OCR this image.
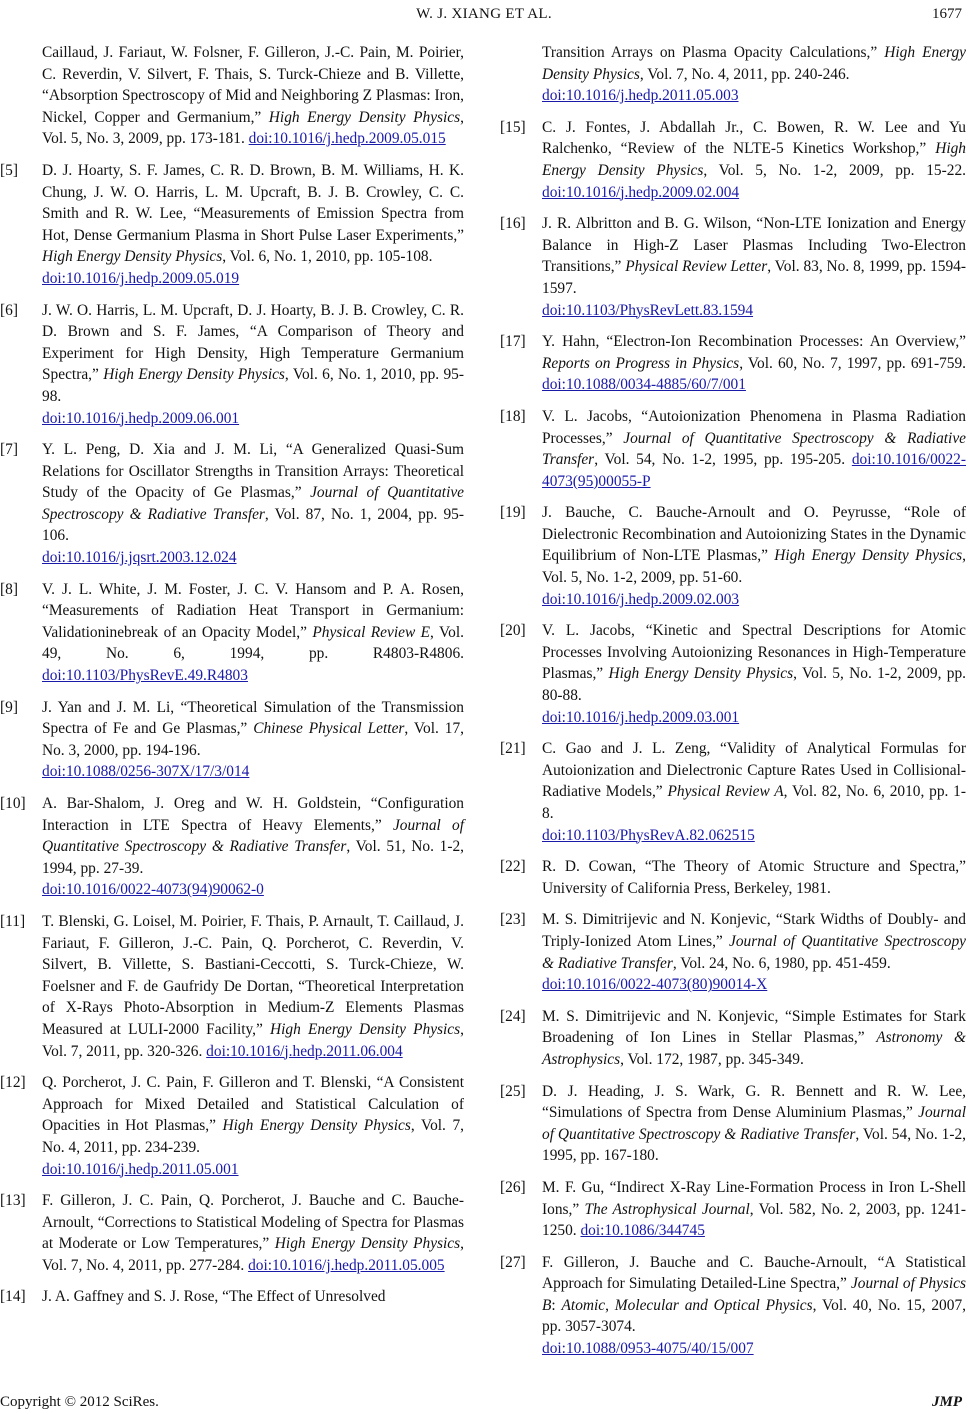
W. J. XIANG ET AL.	1677
Caillaud, J. Fariaut, W. Folsner, F. Gilleron, J.-C. Pain, M. Poirier, C. Reverdin, V. Silvert, F. Thais, S. Turck-Chieze and B. Villette, “Absorption Spectroscopy of Mid and Neighboring Z Plasmas: Iron, Nickel, Copper and Germanium,” High Energy Density Physics, Vol. 5, No. 3, 2009, pp. 173-181. doi:10.1016/j.hedp.2009.05.015
[5] D. J. Hoarty, S. F. James, C. R. D. Brown, B. M. Williams, H. K. Chung, J. W. O. Harris, L. M. Upcraft, B. J. B. Crowley, C. C. Smith and R. W. Lee, “Measurements of Emission Spectra from Hot, Dense Germanium Plasma in Short Pulse Laser Experiments,” High Energy Density Physics, Vol. 6, No. 1, 2010, pp. 105-108.
doi:10.1016/j.hedp.2009.05.019
[6] J. W. O. Harris, L. M. Upcraft, D. J. Hoarty, B. J. B. Crowley, C. R. D. Brown and S. F. James, “A Comparison of Theory and Experiment for High Density, High Temperature Germanium Spectra,” High Energy Density Physics, Vol. 6, No. 1, 2010, pp. 95-98.
doi:10.1016/j.hedp.2009.06.001
[7] Y. L. Peng, D. Xia and J. M. Li, “A Generalized Quasi-Sum Relations for Oscillator Strengths in Transition Arrays: Theoretical Study of the Opacity of Ge Plasmas,” Journal of Quantitative Spectroscopy & Radiative Transfer, Vol. 87, No. 1, 2004, pp. 95-106.
doi:10.1016/j.jqsrt.2003.12.024
[8] V. J. L. White, J. M. Foster, J. C. V. Hansom and P. A. Rosen, “Measurements of Radiation Heat Transport in Germanium: Validationinebreak of an Opacity Model,” Physical Review E, Vol. 49, No. 6, 1994, pp. R4803-R4806. doi:10.1103/PhysRevE.49.R4803
[9] J. Yan and J. M. Li, “Theoretical Simulation of the Transmission Spectra of Fe and Ge Plasmas,” Chinese Physical Letter, Vol. 17, No. 3, 2000, pp. 194-196.
doi:10.1088/0256-307X/17/3/014
[10] A. Bar-Shalom, J. Oreg and W. H. Goldstein, “Configuration Interaction in LTE Spectra of Heavy Elements,” Journal of Quantitative Spectroscopy & Radiative Transfer, Vol. 51, No. 1-2, 1994, pp. 27-39.
doi:10.1016/0022-4073(94)90062-0
[11] T. Blenski, G. Loisel, M. Poirier, F. Thais, P. Arnault, T. Caillaud, J. Fariaut, F. Gilleron, J.-C. Pain, Q. Porcherot, C. Reverdin, V. Silvert, B. Villette, S. Bastiani-Ceccotti, S. Turck-Chieze, W. Foelsner and F. de Gaufridy De Dortan, “Theoretical Interpretation of X-Rays Photo-Absorption in Medium-Z Elements Plasmas Measured at LULI-2000 Facility,” High Energy Density Physics, Vol. 7, 2011, pp. 320-326. doi:10.1016/j.hedp.2011.06.004
[12] Q. Porcherot, J. C. Pain, F. Gilleron and T. Blenski, “A Consistent Approach for Mixed Detailed and Statistical Calculation of Opacities in Hot Plasmas,” High Energy Density Physics, Vol. 7, No. 4, 2011, pp. 234-239.
doi:10.1016/j.hedp.2011.05.001
[13] F. Gilleron, J. C. Pain, Q. Porcherot, J. Bauche and C. Bauche-Arnoult, “Corrections to Statistical Modeling of Spectra for Plasmas at Moderate or Low Temperatures,” High Energy Density Physics, Vol. 7, No. 4, 2011, pp. 277-284. doi:10.1016/j.hedp.2011.05.005
[14] J. A. Gaffney and S. J. Rose, “The Effect of Unresolved
Transition Arrays on Plasma Opacity Calculations,” High Energy Density Physics, Vol. 7, No. 4, 2011, pp. 240-246.
doi:10.1016/j.hedp.2011.05.003
[15] C. J. Fontes, J. Abdallah Jr., C. Bowen, R. W. Lee and Yu Ralchenko, “Review of the NLTE-5 Kinetics Workshop,” High Energy Density Physics, Vol. 5, No. 1-2, 2009, pp. 15-22. doi:10.1016/j.hedp.2009.02.004
[16] J. R. Albritton and B. G. Wilson, “Non-LTE Ionization and Energy Balance in High-Z Laser Plasmas Including Two-Electron Transitions,” Physical Review Letter, Vol. 83, No. 8, 1999, pp. 1594-1597.
doi:10.1103/PhysRevLett.83.1594
[17] Y. Hahn, “Electron-Ion Recombination Processes: An Overview,” Reports on Progress in Physics, Vol. 60, No. 7, 1997, pp. 691-759. doi:10.1088/0034-4885/60/7/001
[18] V. L. Jacobs, “Autoionization Phenomena in Plasma Radiation Processes,” Journal of Quantitative Spectroscopy & Radiative Transfer, Vol. 54, No. 1-2, 1995, pp. 195-205. doi:10.1016/0022-4073(95)00055-P
[19] J. Bauche, C. Bauche-Arnoult and O. Peyrusse, “Role of Dielectronic Recombination and Autoionizing States in the Dynamic Equilibrium of Non-LTE Plasmas,” High Energy Density Physics, Vol. 5, No. 1-2, 2009, pp. 51-60.
doi:10.1016/j.hedp.2009.02.003
[20] V. L. Jacobs, “Kinetic and Spectral Descriptions for Atomic Processes Involving Autoionizing Resonances in High-Temperature Plasmas,” High Energy Density Physics, Vol. 5, No. 1-2, 2009, pp. 80-88.
doi:10.1016/j.hedp.2009.03.001
[21] C. Gao and J. L. Zeng, “Validity of Analytical Formulas for Autoionization and Dielectronic Capture Rates Used in Collisional-Radiative Models,” Physical Review A, Vol. 82, No. 6, 2010, pp. 1-8.
doi:10.1103/PhysRevA.82.062515
[22] R. D. Cowan, “The Theory of Atomic Structure and Spectra,” University of California Press, Berkeley, 1981.
[23] M. S. Dimitrijevic and N. Konjevic, “Stark Widths of Doubly- and Triply-Ionized Atom Lines,” Journal of Quantitative Spectroscopy & Radiative Transfer, Vol. 24, No. 6, 1980, pp. 451-459.
doi:10.1016/0022-4073(80)90014-X
[24] M. S. Dimitrijevic and N. Konjevic, “Simple Estimates for Stark Broadening of Ion Lines in Stellar Plasmas,” Astronomy & Astrophysics, Vol. 172, 1987, pp. 345-349.
[25] D. J. Heading, J. S. Wark, G. R. Bennett and R. W. Lee, “Simulations of Spectra from Dense Aluminium Plasmas,” Journal of Quantitative Spectroscopy & Radiative Transfer, Vol. 54, No. 1-2, 1995, pp. 167-180.
[26] M. F. Gu, “Indirect X-Ray Line-Formation Process in Iron L-Shell Ions,” The Astrophysical Journal, Vol. 582, No. 2, 2003, pp. 1241-1250. doi:10.1086/344745
[27] F. Gilleron, J. Bauche and C. Bauche-Arnoult, “A Statistical Approach for Simulating Detailed-Line Spectra,” Journal of Physics B: Atomic, Molecular and Optical Physics, Vol. 40, No. 15, 2007, pp. 3057-3074.
doi:10.1088/0953-4075/40/15/007
Copyright © 2012 SciRes.	JMP
